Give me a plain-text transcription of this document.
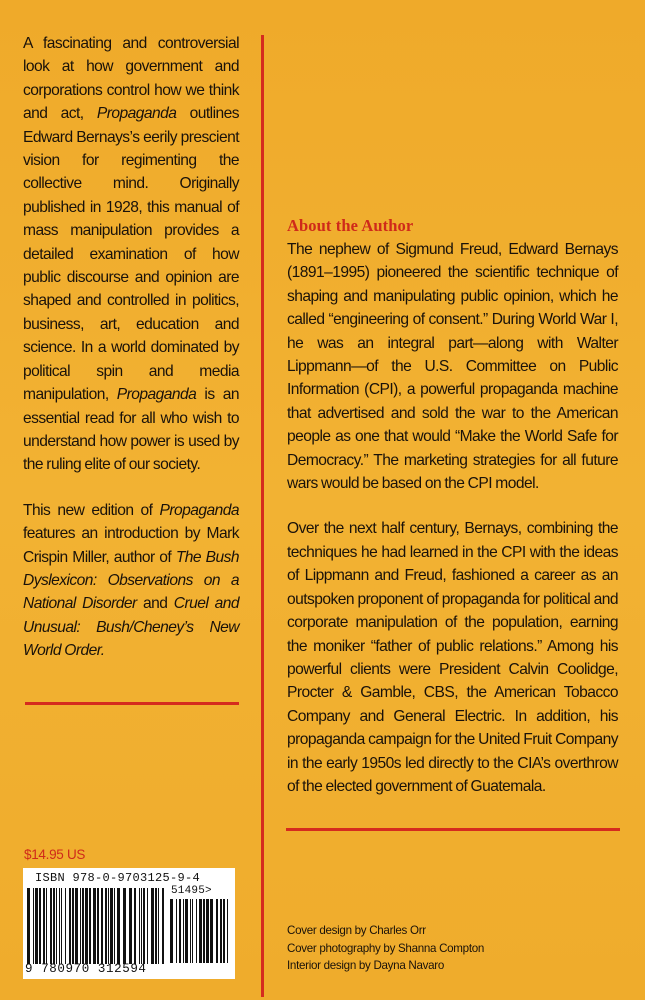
A fascinating and controversial look at how government and corporations control how we think and act, Propaganda outlines Edward Bernays’s eerily prescient vision for regimenting the collective mind. Originally published in 1928, this manual of mass manipulation provides a detailed examination of how public discourse and opinion are shaped and controlled in politics, business, art, education and science. In a world dominated by political spin and media manipulation, Propaganda is an essential read for all who wish to understand how power is used by the ruling elite of our society.

This new edition of Propaganda features an introduction by Mark Crispin Miller, author of The Bush Dyslexicon: Observations on a National Disorder and Cruel and Unusual: Bush/Cheney’s New World Order.

About the Author

The nephew of Sigmund Freud, Edward Bernays (1891–1995) pioneered the scientific technique of shaping and manipulating public opinion, which he called “engineering of consent.” During World War I, he was an integral part—along with Walter Lippmann—of the U.S. Committee on Public Information (CPI), a powerful propaganda machine that advertised and sold the war to the American people as one that would “Make the World Safe for Democracy.” The marketing strategies for all future wars would be based on the CPI model.

Over the next half century, Bernays, combining the techniques he had learned in the CPI with the ideas of Lippmann and Freud, fashioned a career as an outspoken proponent of propaganda for political and corporate manipulation of the population, earning the moniker “father of public relations.” Among his powerful clients were President Calvin Coolidge, Procter & Gamble, CBS, the American Tobacco Company and General Electric. In addition, his propaganda campaign for the United Fruit Company in the early 1950s led directly to the CIA’s overthrow of the elected government of Guatemala.

$14.95 US
ISBN 978-0-9703125-9-4
51495>
9 780970 312594
Cover design by Charles Orr
Cover photography by Shanna Compton
Interior design by Dayna Navaro
